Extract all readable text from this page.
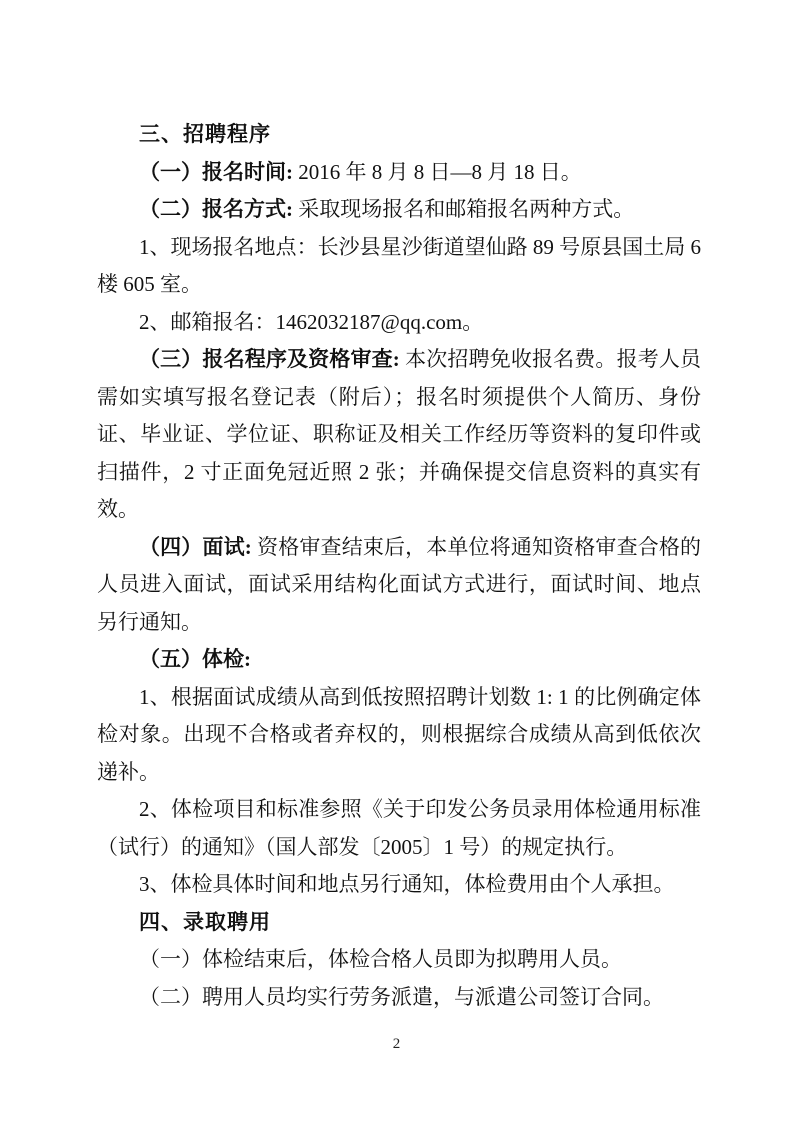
三、招聘程序

（一）报名时间: 2016 年 8 月 8 日—8 月 18 日。

（二）报名方式: 采取现场报名和邮箱报名两种方式。

1、现场报名地点：长沙县星沙街道望仙路 89 号原县国土局 6 楼 605 室。

2、邮箱报名：1462032187@qq.com。

（三）报名程序及资格审查: 本次招聘免收报名费。报考人员需如实填写报名登记表（附后）；报名时须提供个人简历、身份证、毕业证、学位证、职称证及相关工作经历等资料的复印件或扫描件，2 寸正面免冠近照 2 张；并确保提交信息资料的真实有效。

（四）面试: 资格审查结束后，本单位将通知资格审查合格的人员进入面试，面试采用结构化面试方式进行，面试时间、地点另行通知。

（五）体检:

1、根据面试成绩从高到低按照招聘计划数 1: 1 的比例确定体检对象。出现不合格或者弃权的，则根据综合成绩从高到低依次递补。

2、体检项目和标准参照《关于印发公务员录用体检通用标准（试行）的通知》（国人部发〔2005〕1 号）的规定执行。

3、体检具体时间和地点另行通知，体检费用由个人承担。

四、录取聘用

（一）体检结束后，体检合格人员即为拟聘用人员。

（二）聘用人员均实行劳务派遣，与派遣公司签订合同。

2
